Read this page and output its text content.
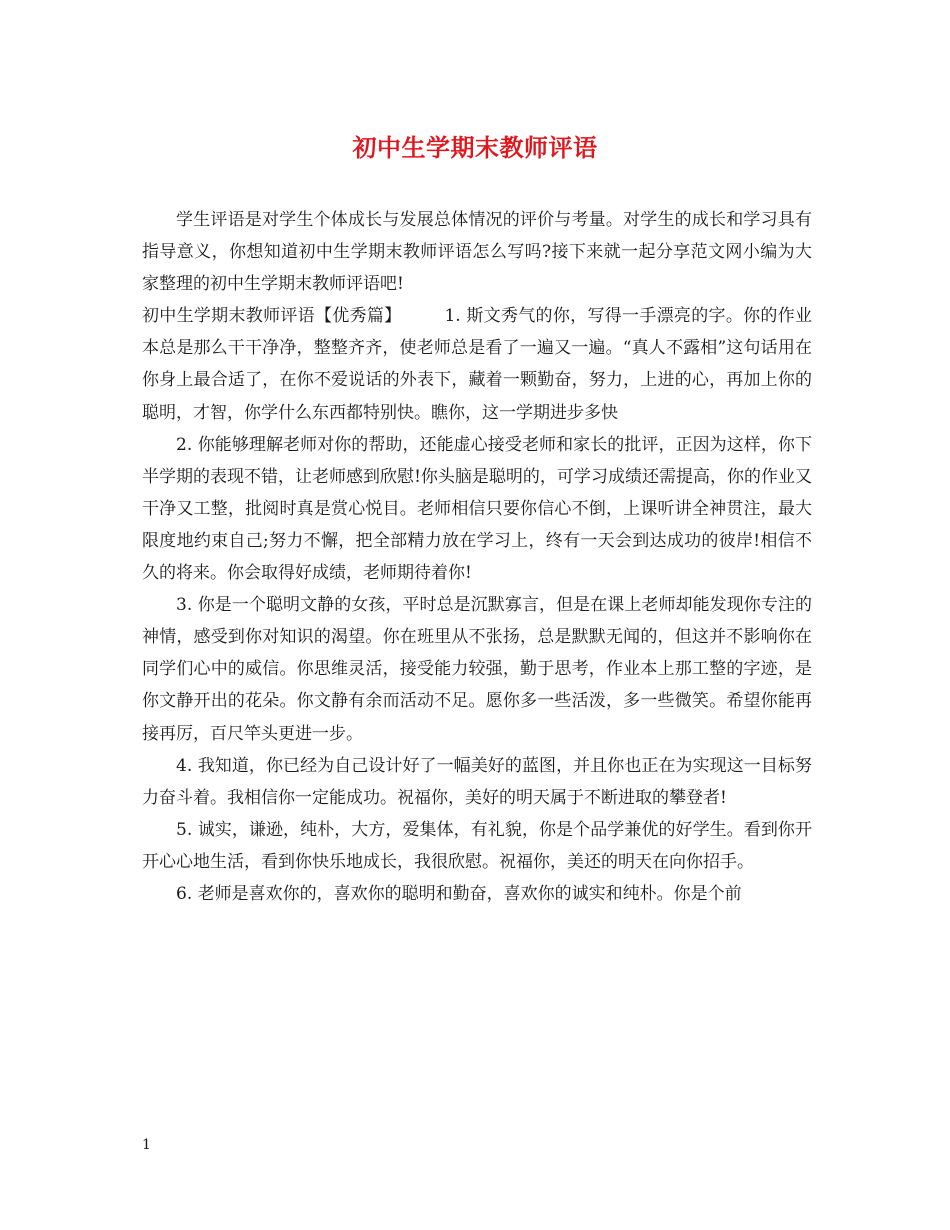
初中生学期末教师评语

学生评语是对学生个体成长与发展总体情况的评价与考量。对学生的成长和学习具有指导意义，你想知道初中生学期末教师评语怎么写吗?接下来就一起分享范文网小编为大家整理的初中生学期末教师评语吧!

初中生学期末教师评语【优秀篇】	1. 斯文秀气的你，写得一手漂亮的字。你的作业本总是那么干干净净，整整齐齐，使老师总是看了一遍又一遍。“真人不露相”这句话用在你身上最合适了，在你不爱说话的外表下，藏着一颗勤奋，努力，上进的心，再加上你的聪明，才智，你学什么东西都特别快。瞧你，这一学期进步多快

2. 你能够理解老师对你的帮助，还能虚心接受老师和家长的批评，正因为这样，你下半学期的表现不错，让老师感到欣慰!你头脑是聪明的，可学习成绩还需提高，你的作业又干净又工整，批阅时真是赏心悦目。老师相信只要你信心不倒，上课听讲全神贯注，最大限度地约束自己;努力不懈，把全部精力放在学习上，终有一天会到达成功的彼岸!相信不久的将来。你会取得好成绩，老师期待着你!

3. 你是一个聪明文静的女孩，平时总是沉默寡言，但是在课上老师却能发现你专注的神情，感受到你对知识的渴望。你在班里从不张扬，总是默默无闻的，但这并不影响你在同学们心中的威信。你思维灵活，接受能力较强，勤于思考，作业本上那工整的字迹，是你文静开出的花朵。你文静有余而活动不足。愿你多一些活泼，多一些微笑。希望你能再接再厉，百尺竿头更进一步。

4. 我知道，你已经为自己设计好了一幅美好的蓝图，并且你也正在为实现这一目标努力奋斗着。我相信你一定能成功。祝福你，美好的明天属于不断进取的攀登者!

5. 诚实，谦逊，纯朴，大方，爱集体，有礼貌，你是个品学兼优的好学生。看到你开开心心地生活，看到你快乐地成长，我很欣慰。祝福你，美还的明天在向你招手。

6. 老师是喜欢你的，喜欢你的聪明和勤奋，喜欢你的诚实和纯朴。你是个前

1
